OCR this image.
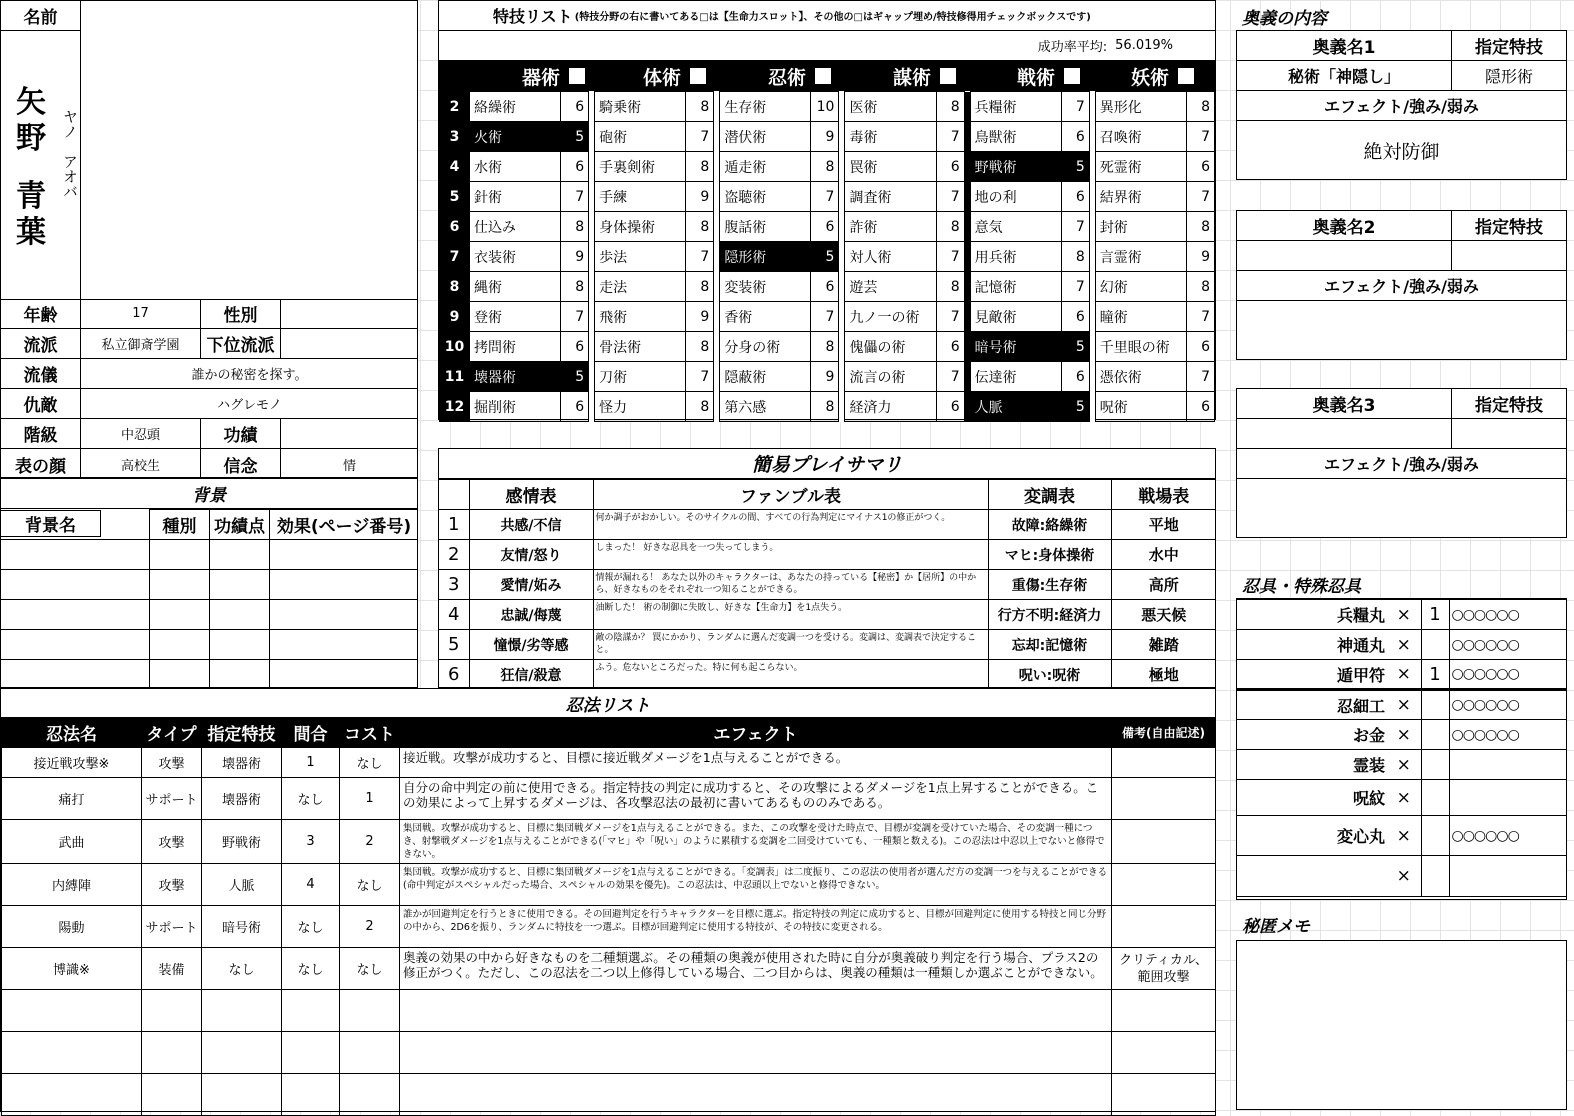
名前
矢
野
青
葉
ヤノ　アオバ
年齢	17	性別
流派	私立御斎学園	下位流派
流儀	誰かの秘密を探す。
仇敵	ハグレモノ
階級	中忍頭	功績
表の顔	高校生	信念	情
背景
背景名	種別	功績点	効果(ページ番号)

特技リスト (特技分野の右に書いてある□は【生命力スロット】、その他の□はギャップ埋め/特技修得用チェックボックスです)
成功率平均: 56.019%
器術	体術	忍術	謀術	戦術	妖術
2	絡繰術	6		騎乗術	8		生存術	10		医術	8		兵糧術	7		異形化	8
3	火術	5		砲術	7		潜伏術	9		毒術	7		鳥獣術	6		召喚術	7
4	水術	6		手裏剣術	8		遁走術	8		罠術	6		野戦術	5		死霊術	6
5	針術	7		手練	9		盗聴術	7		調査術	7		地の利	6		結界術	7
6	仕込み	8		身体操術	8		腹話術	6		詐術	8		意気	7		封術	8
7	衣装術	9		歩法	7		隠形術	5		対人術	7		用兵術	8		言霊術	9
8	縄術	8		走法	8		変装術	6		遊芸	8		記憶術	7		幻術	8
9	登術	7		飛術	9		香術	7		九ノ一の術	7		見敵術	6		瞳術	7
10	拷問術	6		骨法術	8		分身の術	8		傀儡の術	6		暗号術	5		千里眼の術	6
11	壊器術	5		刀術	7		隠蔽術	9		流言の術	7		伝達術	6		憑依術	7
12	掘削術	6		怪力	8		第六感	8		経済力	6		人脈	5		呪術	6
簡易プレイサマリ
	感情表	ファンブル表	変調表	戦場表
1	共感/不信	何か調子がおかしい。そのサイクルの間、すべての行為判定にマイナス1の修正がつく。	故障:絡繰術	平地
2	友情/怒り	しまった！ 好きな忍具を一つ失ってしまう。	マヒ:身体操術	水中
3	愛情/妬み	情報が漏れる！ あなた以外のキャラクターは、あなたの持っている【秘密】か【居所】の中から、好きなものをそれぞれ一つ知ることができる。	重傷:生存術	高所
4	忠誠/侮蔑	油断した！ 術の制御に失敗し、好きな【生命力】を1点失う。	行方不明:経済力	悪天候
5	憧憬/劣等感	敵の陰謀か？ 罠にかかり、ランダムに選んだ変調一つを受ける。変調は、変調表で決定すること。	忘却:記憶術	雑踏
6	狂信/殺意	ふう。危ないところだった。特に何も起こらない。	呪い:呪術	極地
忍法リスト
忍法名	タイプ	指定特技	間合	コスト	エフェクト	備考(自由記述)
接近戦攻撃※	攻撃	壊器術	1	なし	接近戦。攻撃が成功すると、目標に接近戦ダメージを1点与えることができる。	
痛打	サポート	壊器術	なし	1	自分の命中判定の前に使用できる。指定特技の判定に成功すると、その攻撃によるダメージを1点上昇することができる。この効果によって上昇するダメージは、各攻撃忍法の最初に書いてあるもののみである。	
武曲	攻撃	野戦術	3	2	集団戦。攻撃が成功すると、目標に集団戦ダメージを1点与えることができる。また、この攻撃を受けた時点で、目標が変調を受けていた場合、その変調一種につき、射撃戦ダメージを1点与えることができる(「マヒ」や「呪い」のように累積する変調を二回受けていても、一種類と数える)。この忍法は中忍以上でないと修得できない。	
内縛陣	攻撃	人脈	4	なし	集団戦。攻撃が成功すると、目標に集団戦ダメージを1点与えることができる。「変調表」は二度振り、この忍法の使用者が選んだ方の変調一つを与えることができる(命中判定がスペシャルだった場合、スペシャルの効果を優先)。この忍法は、中忍頭以上でないと修得できない。	
陽動	サポート	暗号術	なし	2	誰かが回避判定を行うときに使用できる。その回避判定を行うキャラクターを目標に選ぶ。指定特技の判定に成功すると、目標が回避判定に使用する特技と同じ分野の中から、2D6を振り、ランダムに特技を一つ選ぶ。目標が回避判定に使用する特技が、その特技に変更される。	
博識※	装備	なし	なし	なし	奥義の効果の中から好きなものを二種類選ぶ。その種類の奥義が使用された時に自分が奥義破り判定を行う場合、プラス2の修正がつく。ただし、この忍法を二つ以上修得している場合、二つ目からは、奥義の種類は一種類しか選ぶことができない。	クリティカル、範囲攻撃

奥義の内容
奥義名1	指定特技
秘術「神隠し」	隠形術
エフェクト/強み/弱み
絶対防御
奥義名2	指定特技
エフェクト/強み/弱み
奥義名3	指定特技
エフェクト/強み/弱み
忍具・特殊忍具
兵糧丸	×	1	○○○○○○
神通丸	×		○○○○○○
遁甲符	×	1	○○○○○○
忍細工	×		○○○○○○
お金	×		○○○○○○
霊装	×		
呪紋	×		
変心丸	×		○○○○○○
	×		
秘匿メモ
